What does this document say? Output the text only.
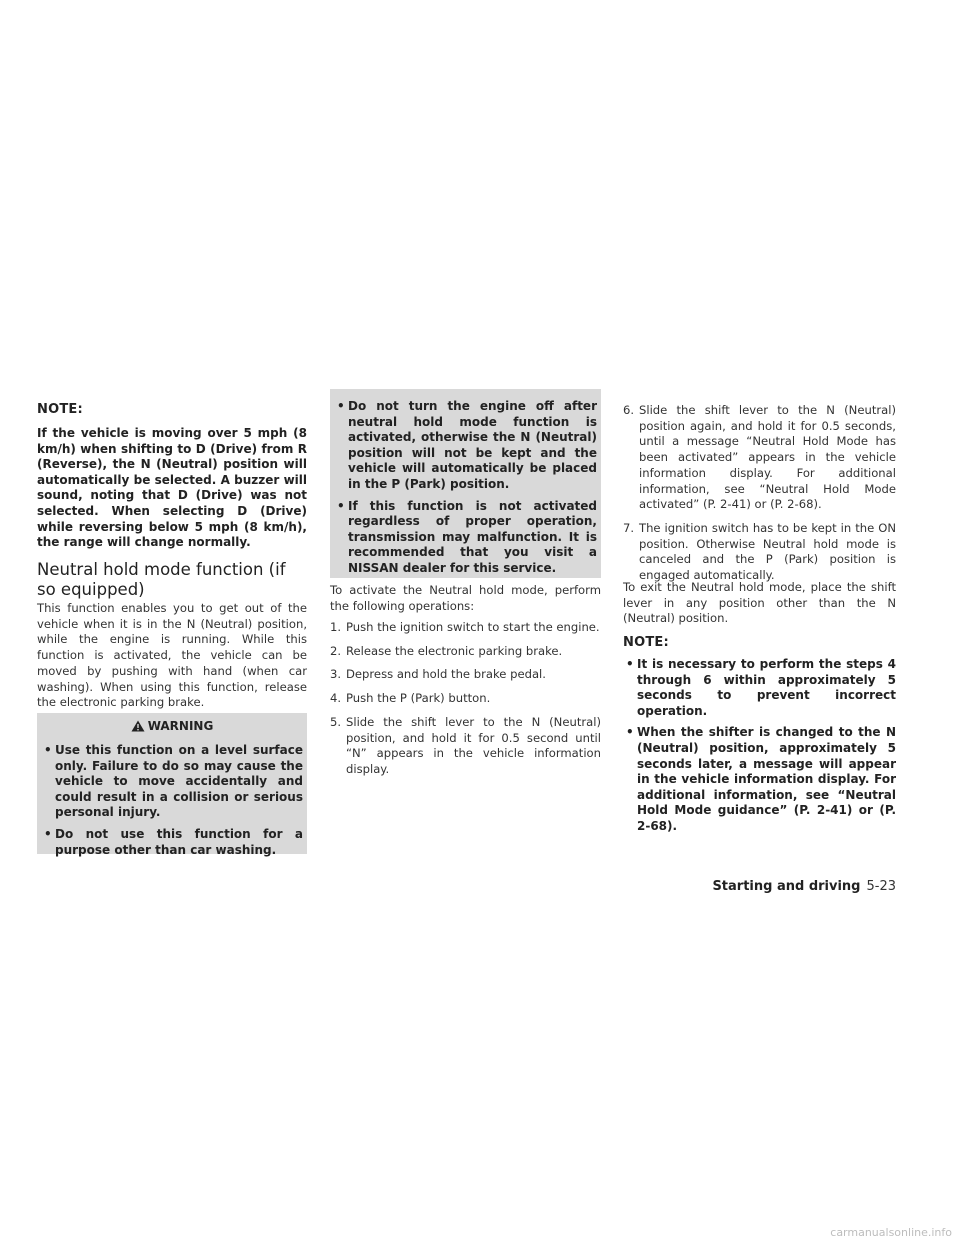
NOTE:

If the vehicle is moving over 5 mph (8 km/h) when shifting to D (Drive) from R (Reverse), the N (Neutral) position will automatically be selected. A buzzer will sound, noting that D (Drive) was not selected. When selecting D (Drive) while reversing below 5 mph (8 km/h), the range will change normally.

Neutral hold mode function (if so equipped)

This function enables you to get out of the vehicle when it is in the N (Neutral) position, while the engine is running. While this function is activated, the vehicle can be moved by pushing with hand (when car washing). When using this function, release the electronic parking brake.

WARNING
• Use this function on a level surface only. Failure to do so may cause the vehicle to move accidentally and could result in a collision or serious personal injury.
• Do not use this function for a purpose other than car washing.
• Do not turn the engine off after neutral hold mode function is activated, otherwise the N (Neutral) position will not be kept and the vehicle will automatically be placed in the P (Park) position.
• If this function is not activated regardless of proper operation, transmission may malfunction. It is recommended that you visit a NISSAN dealer for this service.

To activate the Neutral hold mode, perform the following operations:

1. Push the ignition switch to start the engine.
2. Release the electronic parking brake.
3. Depress and hold the brake pedal.
4. Push the P (Park) button.
5. Slide the shift lever to the N (Neutral) position, and hold it for 0.5 second until “N” appears in the vehicle information display.
6. Slide the shift lever to the N (Neutral) position again, and hold it for 0.5 seconds, until a message “Neutral Hold Mode has been activated” appears in the vehicle information display. For additional information, see “Neutral Hold Mode activated” (P. 2-41) or (P. 2-68).
7. The ignition switch has to be kept in the ON position. Otherwise Neutral hold mode is canceled and the P (Park) position is engaged automatically.

To exit the Neutral hold mode, place the shift lever in any position other than the N (Neutral) position.

NOTE:

• It is necessary to perform the steps 4 through 6 within approximately 5 seconds to prevent incorrect operation.
• When the shifter is changed to the N (Neutral) position, approximately 5 seconds later, a message will appear in the vehicle information display. For additional information, see “Neutral Hold Mode guidance” (P. 2-41) or (P. 2-68).
Starting and driving 5-23
carmanualsonline.info
